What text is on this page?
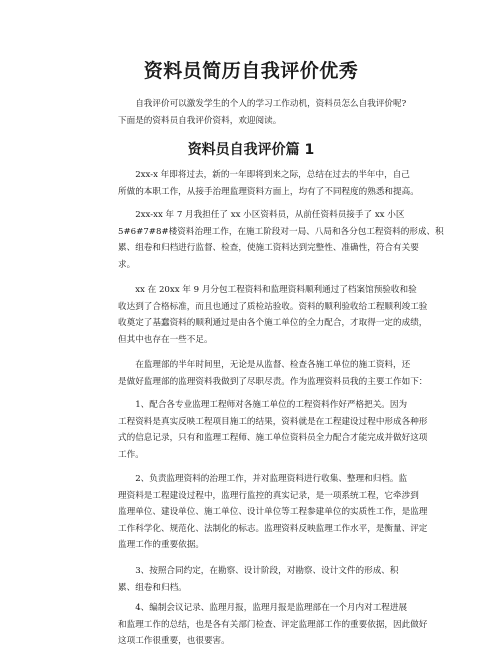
资料员简历自我评价优秀
　　自我评价可以激发学生的个人的学习工作动机，资料员怎么自我评价呢?
下面是的资料员自我评价资料，欢迎阅读。
资料员自我评价篇 1
　　2xx-x 年即将过去，新的一年即将到来之际，总结在过去的半年中，自己
所做的本职工作，从接手治理监理资料方面上，均有了不同程度的熟悉和提高。
　　2xx-xx 年 7 月我担任了 xx 小区资料员，从前任资料员接手了 xx 小区
5#6#7#8#楼资料治理工作，在施工阶段对一局、八局和各分包工程资料的形成、积
累、组卷和归档进行监督、检查，使施工资料达到完整性、准确性，符合有关要
求。
　　xx 在 20xx 年 9 月分包工程资料和监理资料顺利通过了档案馆预验收和验
收达到了合格标准，而且也通过了质检站验收。资料的顺利验收给工程顺利竣工验
收奠定了基蠢资料的顺利通过是由各个施工单位的全力配合，才取得一定的成绩，
但其中也存在一些不足。
　　在监理部的半年时间里，无论是从监督、检查各施工单位的施工资料，还
是做好监理部的监理资料我做到了尽职尽责。作为监理资料员我的主要工作如下：
　　1、配合各专业监理工程师对各施工单位的工程资料作好严格把关。因为
工程资料是真实反映工程项目施工的结果，资料就是在工程建设过程中形成各种形
式的信息记录，只有和监理工程师、施工单位资料员全力配合才能完成并做好这项
工作。
　　2、负责监理资料的治理工作，并对监理资料进行收集、整理和归档。监
理资料是工程建设过程中，监理行监控的真实记录，是一项系统工程，它牵涉到
监理单位、建设单位、施工单位、设计单位等工程参建单位的实质性工作，是监理
工作科学化、规范化、法制化的标志。监理资料反映监理工作水平，是衡量、评定
监理工作的重要依据。
　　3、按照合同约定，在勘察、设计阶段，对勘察、设计文件的形成、积
累、组卷和归档。
　　4、编制会议记录、监理月报，监理月报是监理部在一个月内对工程进展
和监理工作的总结，也是各有关部门检查、评定监理部工作的重要依据，因此做好
这项工作很重要，也很要害。
